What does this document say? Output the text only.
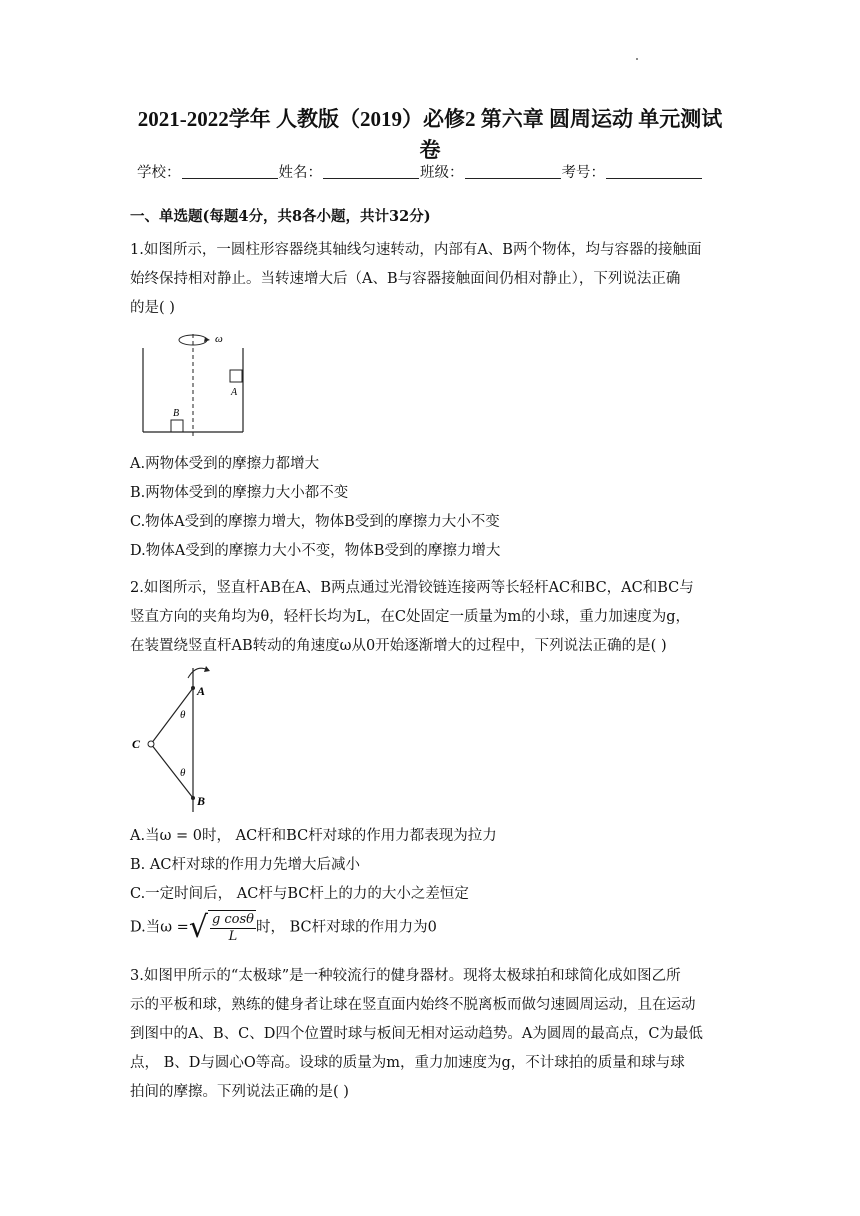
2021-2022学年 人教版（2019）必修2 第六章 圆周运动 单元测试卷
学校：	姓名：	班级：	考号：
一、单选题(每题4分，共8各小题，共计32分)
1.如图所示，一圆柱形容器绕其轴线匀速转动，内部有A、B两个物体，均与容器的接触面
始终保持相对静止。当转速增大后（A、B与容器接触面间仍相对静止），下列说法正确
的是( )
ω
A
B
A.两物体受到的摩擦力都增大
B.两物体受到的摩擦力大小都不变
C.物体A受到的摩擦力增大，物体B受到的摩擦力大小不变
D.物体A受到的摩擦力大小不变，物体B受到的摩擦力增大
2.如图所示，竖直杆AB在A、B两点通过光滑铰链连接两等长轻杆AC和BC，AC和BC与
竖直方向的夹角均为θ，轻杆长均为L，在C处固定一质量为m的小球，重力加速度为g，
在装置绕竖直杆AB转动的角速度ω从0开始逐渐增大的过程中，下列说法正确的是( )
A
B
C
θ
θ
A.当ω = 0时， AC杆和BC杆对球的作用力都表现为拉力
B. AC杆对球的作用力先增大后减小
C.一定时间后， AC杆与BC杆上的力的大小之差恒定
D.当ω =√ $\frac{\text{g cosθ}}{L}$ 时， BC杆对球的作用力为0
3.如图甲所示的“太极球”是一种较流行的健身器材。现将太极球拍和球简化成如图乙所
示的平板和球，熟练的健身者让球在竖直面内始终不脱离板而做匀速圆周运动，且在运动
到图中的A、B、C、D四个位置时球与板间无相对运动趋势。A为圆周的最高点，C为最低
点， B、D与圆心O等高。设球的质量为m，重力加速度为g，不计球拍的质量和球与球
拍间的摩擦。下列说法正确的是( )
